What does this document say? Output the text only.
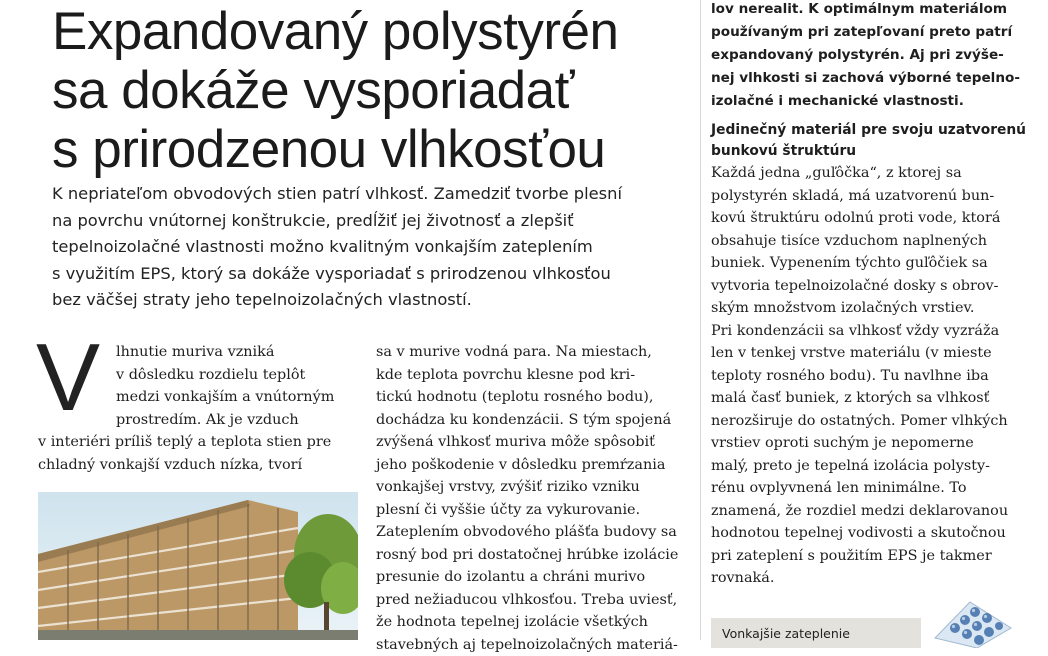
Expandovaný polystyrén
sa dokáže vysporiadať
s prirodzenou vlhkosťou
K nepriateľom obvodových stien patrí vlhkosť. Zamedziť tvorbe plesní
na povrchu vnútornej konštrukcie, predĺžiť jej životnosť a zlepšiť
tepelnoizolačné vlastnosti možno kvalitným vonkajším zateplením
s využitím EPS, ktorý sa dokáže vysporiadať s prirodzenou vlhkosťou
bez väčšej straty jeho tepelnoizolačných vlastností.
V	lhnutie muriva vzniká
v dôsledku rozdielu teplôt
medzi vonkajším a vnútorným
prostredím. Ak je vzduch
v interiéri príliš teplý a teplota stien pre
chladný vonkajší vzduch nízka, tvorí
sa v murive vodná para. Na miestach,
kde teplota povrchu klesne pod kri-
tickú hodnotu (teplotu rosného bodu),
dochádza ku kondenzácii. S tým spojená
zvýšená vlhkosť muriva môže spôsobiť
jeho poškodenie v dôsledku premŕzania
vonkajšej vrstvy, zvýšiť riziko vzniku
plesní či vyššie účty za vykurovanie.
Zateplením obvodového plášťa budovy sa
rosný bod pri dostatočnej hrúbke izolácie
presunie do izolantu a chráni murivo
pred nežiaducou vlhkosťou. Treba uviesť,
že hodnota tepelnej izolácie všetkých
stavebných aj tepelnoizolačných materiá-
lov nerealit. K optimálnym materiálom
používaným pri zatepľovaní preto patrí
expandovaný polystyrén. Aj pri zvýše-
nej vlhkosti si zachová výborné tepelno-
izolačné i mechanické vlastnosti.
Jedinečný materiál pre svoju uzatvorenú
bunkovú štruktúru
Každá jedna „guľôčka“, z ktorej sa
polystyrén skladá, má uzatvorenú bun-
kovú štruktúru odolnú proti vode, ktorá
obsahuje tisíce vzduchom naplnených
buniek. Vypenením týchto guľôčiek sa
vytvoria tepelnoizolačné dosky s obrov-
ským množstvom izolačných vrstiev.
Pri kondenzácii sa vlhkosť vždy vyzráža
len v tenkej vrstve materiálu (v mieste
teploty rosného bodu). Tu navlhne iba
malá časť buniek, z ktorých sa vlhkosť
nerozširuje do ostatných. Pomer vlhkých
vrstiev oproti suchým je nepomerne
malý, preto je tepelná izolácia polysty-
rénu ovplyvnená len minimálne. To
znamená, že rozdiel medzi deklarovanou
hodnotou tepelnej vodivosti a skutočnou
pri zateplení s použitím EPS je takmer
rovnaká.
Vonkajšie zateplenie
